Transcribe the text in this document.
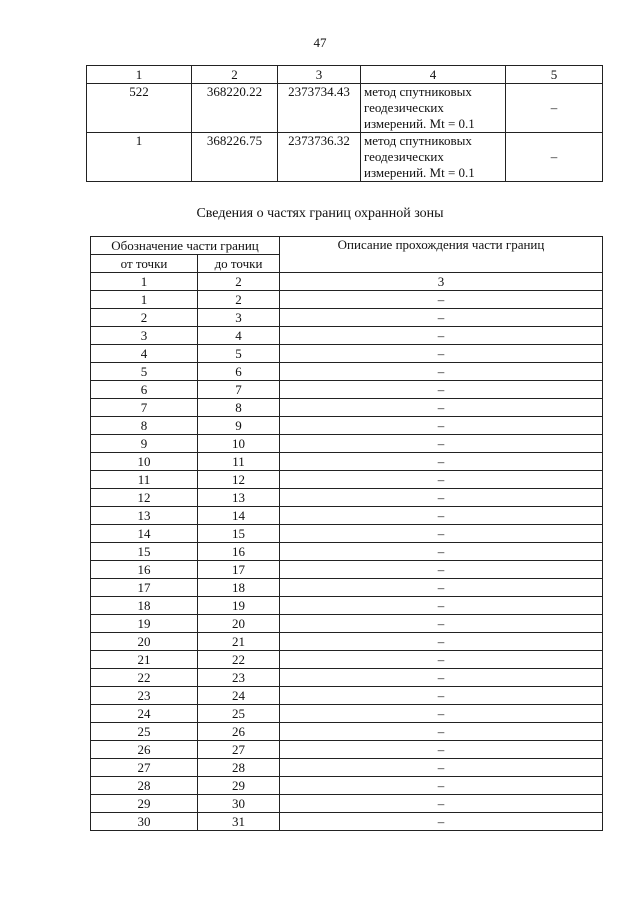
47
1	2	3	4	5
522	368220.22	2373734.43	метод спутниковых
геодезических
измерений. Mt = 0.1	–
1	368226.75	2373736.32	метод спутниковых
геодезических
измерений. Mt = 0.1	–
Сведения о частях границ охранной зоны
Обозначение части границ		Описание прохождения части границ
от точки	до точки	
1	2	3
1	2	–
2	3	–
3	4	–
4	5	–
5	6	–
6	7	–
7	8	–
8	9	–
9	10	–
10	11	–
11	12	–
12	13	–
13	14	–
14	15	–
15	16	–
16	17	–
17	18	–
18	19	–
19	20	–
20	21	–
21	22	–
22	23	–
23	24	–
24	25	–
25	26	–
26	27	–
27	28	–
28	29	–
29	30	–
30	31	–
